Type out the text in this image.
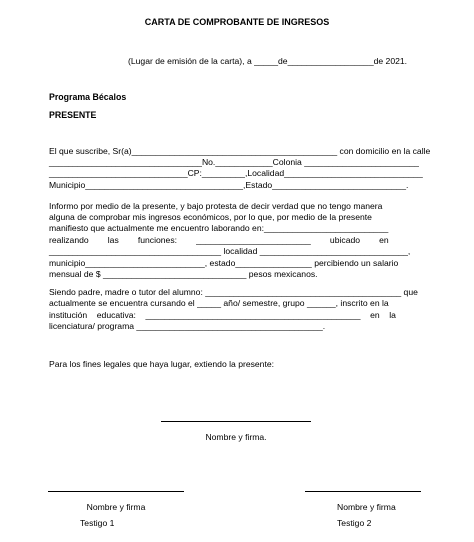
CARTA DE COMPROBANTE DE INGRESOS
(Lugar de emisión de la carta), a _____de__________________de 2021.
Programa Bécalos
PRESENTE
El que suscribe, Sr(a)___________________________________________ con domicilio en la calle
________________________________No.____________Colonia ________________________
_____________________________CP:_________,Localidad_____________________________
Municipio_________________________________,Estado____________________________.
Informo por medio de la presente, y bajo protesta de decir verdad que no tengo manera
alguna de comprobar mis ingresos económicos, por lo que, por medio de la presente
manifiesto que actualmente me encuentro laborando en:__________________________
realizando        las        funciones:        ________________________        ubicado        en
____________________________________ localidad _______________________________,
municipio_________________________, estado________________ percibiendo un salario
mensual de $ ______________________________ pesos mexicanos.
Siendo padre, madre o tutor del alumno: _________________________________________ que
actualmente se encuentra cursando el _____ año/ semestre, grupo ______, inscrito en la
institución    educativa:    _____________________________________________    en    la
licenciatura/ programa _______________________________________.
Para los fines legales que haya lugar, extiendo la presente:
Nombre y firma.
Nombre y firma
Testigo 1
Nombre y firma
Testigo 2
